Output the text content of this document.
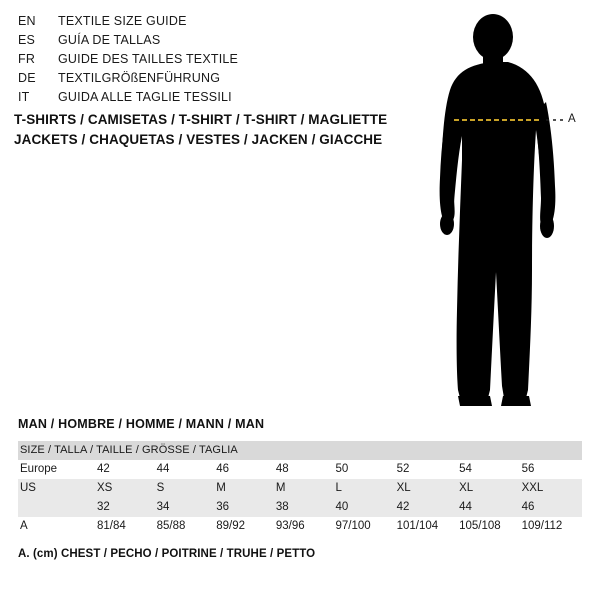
EN	TEXTILE SIZE GUIDE
ES	GUÍA DE TALLAS
FR	GUIDE DES TAILLES TEXTILE
DE	TEXTILGRÖßENFÜHRUNG
IT	GUIDA ALLE TAGLIE TESSILI
T-SHIRTS / CAMISETAS / T-SHIRT / T-SHIRT / MAGLIETTE
JACKETS / CHAQUETAS / VESTES / JACKEN / GIACCHE
A
MAN / HOMBRE / HOMME / MANN / MAN
SIZE / TALLA / TAILLE / GRÖSSE / TAGLIA								
Europe	42	44	46	48	50	52	54	56

US	XS	S	M	M	L	XL	XL	XXL

	32	34	36	38	40	42	44	46

A	81/84	85/88	89/92	93/96	97/100	101/104	105/108	109/112
A. (cm) CHEST / PECHO / POITRINE / TRUHE / PETTO
